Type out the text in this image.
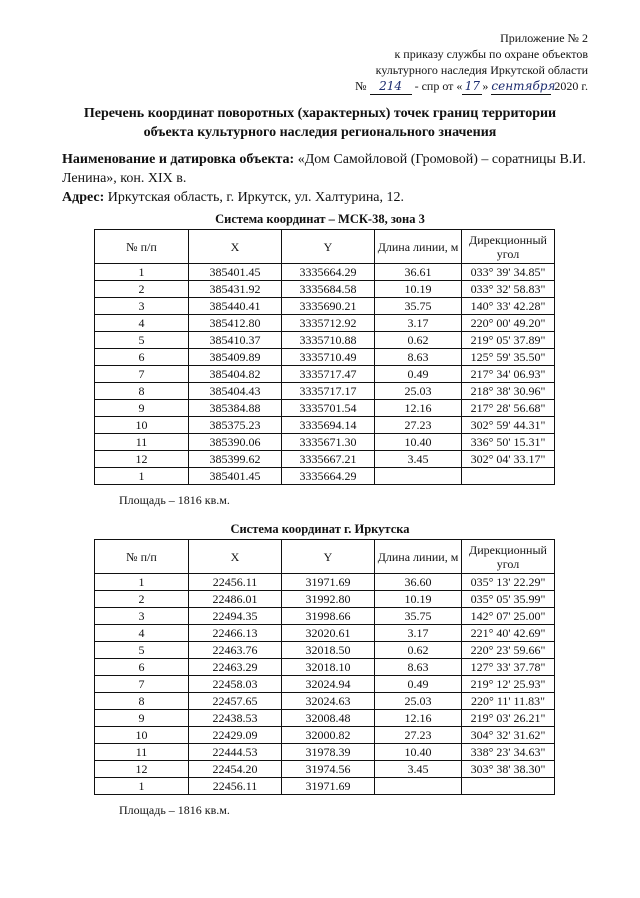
Приложение № 2
к приказу службы по охране объектов
культурного наследия Иркутской области
№ 214 - спр от « 17 » сентября 2020 г.
Перечень координат поворотных (характерных) точек границ территории
объекта культурного наследия регионального значения
Наименование и датировка объекта: «Дом Самойловой (Громовой) – соратницы В.И. Ленина», кон. XIX в.
Адрес: Иркутская область, г. Иркутск, ул. Халтурина, 12.
Система координат – МСК-38, зона 3
№ п/п	X	Y	Длина линии, м	Дирекционный угол
1	385401.45	3335664.29	36.61	033° 39' 34.85"
2	385431.92	3335684.58	10.19	033° 32' 58.83"
3	385440.41	3335690.21	35.75	140° 33' 42.28"
4	385412.80	3335712.92	3.17	220° 00' 49.20"
5	385410.37	3335710.88	0.62	219° 05' 37.89"
6	385409.89	3335710.49	8.63	125° 59' 35.50"
7	385404.82	3335717.47	0.49	217° 34' 06.93"
8	385404.43	3335717.17	25.03	218° 38' 30.96"
9	385384.88	3335701.54	12.16	217° 28' 56.68"
10	385375.23	3335694.14	27.23	302° 59' 44.31"
11	385390.06	3335671.30	10.40	336° 50' 15.31"
12	385399.62	3335667.21	3.45	302° 04' 33.17"
1	385401.45	3335664.29		
Площадь – 1816 кв.м.
Система координат г. Иркутска
№ п/п	X	Y	Длина линии, м	Дирекционный угол
1	22456.11	31971.69	36.60	035° 13' 22.29"
2	22486.01	31992.80	10.19	035° 05' 35.99"
3	22494.35	31998.66	35.75	142° 07' 25.00"
4	22466.13	32020.61	3.17	221° 40' 42.69"
5	22463.76	32018.50	0.62	220° 23' 59.66"
6	22463.29	32018.10	8.63	127° 33' 37.78"
7	22458.03	32024.94	0.49	219° 12' 25.93"
8	22457.65	32024.63	25.03	220° 11' 11.83"
9	22438.53	32008.48	12.16	219° 03' 26.21"
10	22429.09	32000.82	27.23	304° 32' 31.62"
11	22444.53	31978.39	10.40	338° 23' 34.63"
12	22454.20	31974.56	3.45	303° 38' 38.30"
1	22456.11	31971.69		
Площадь – 1816 кв.м.
